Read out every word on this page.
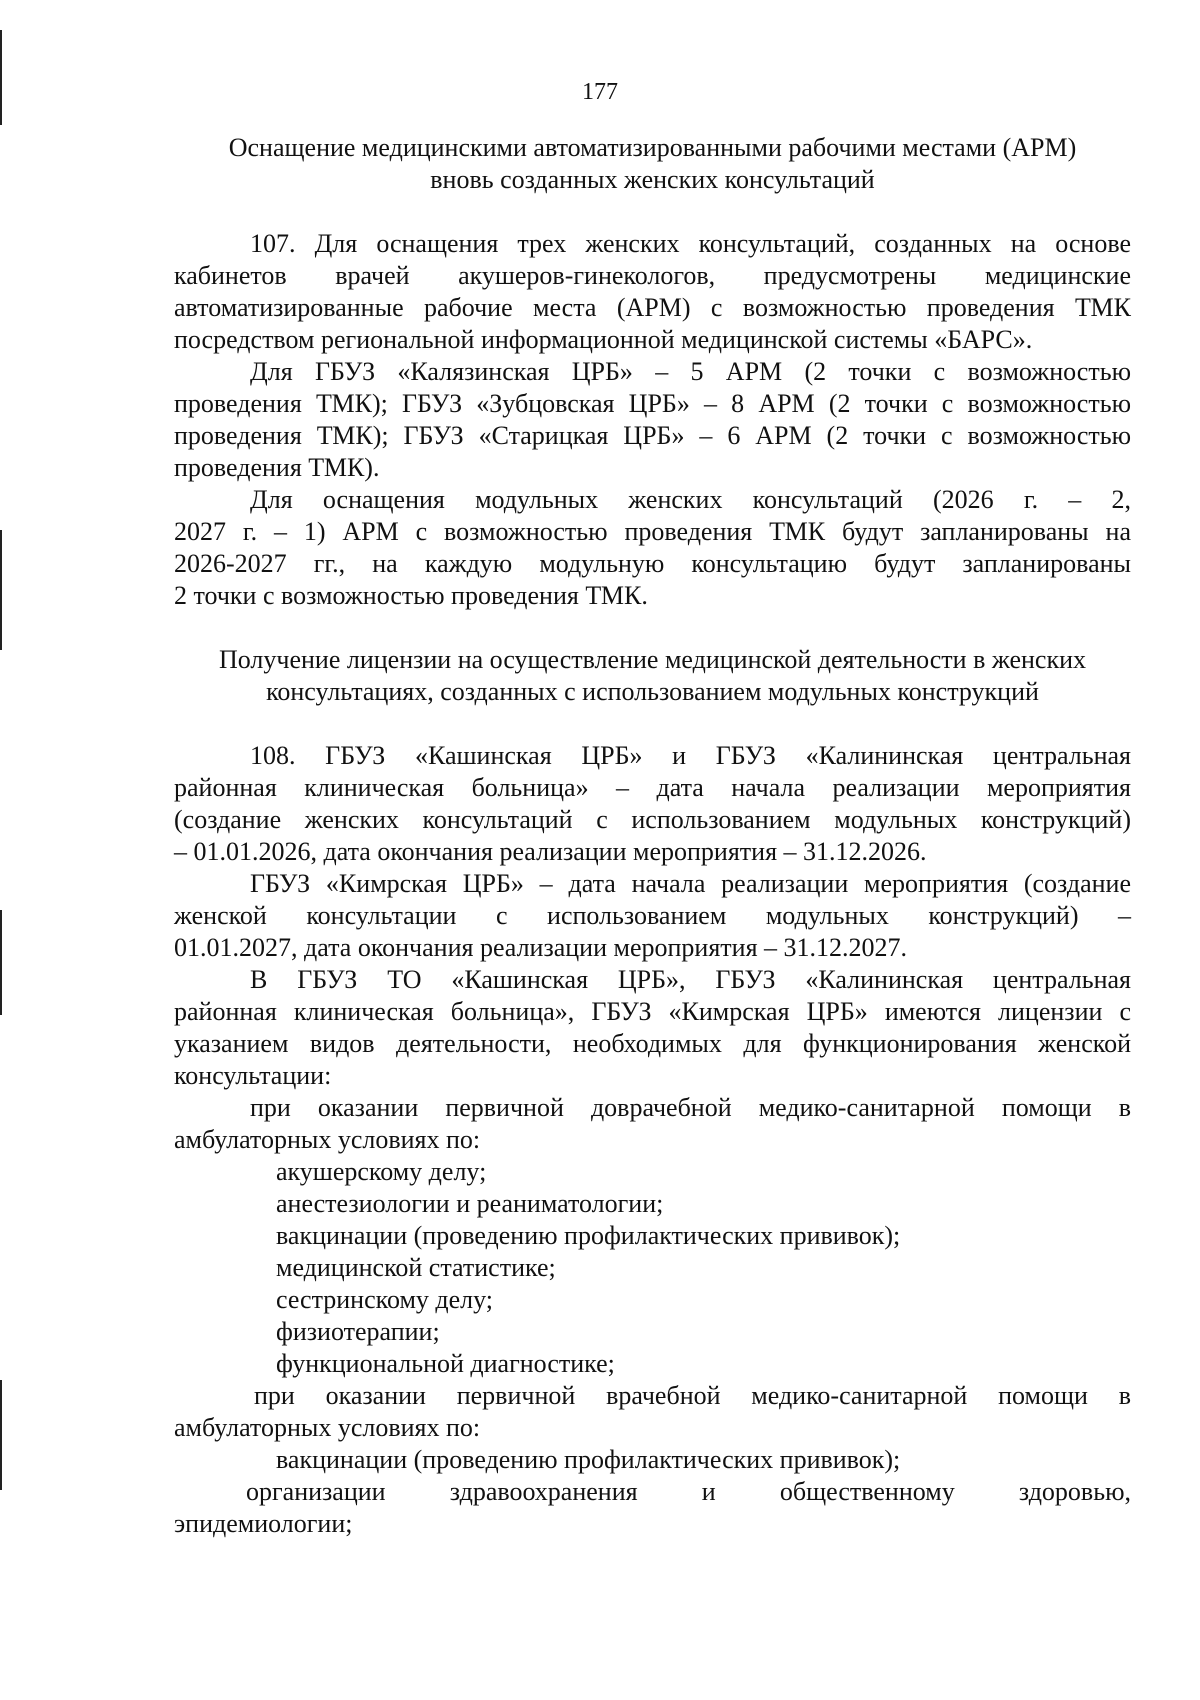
177
Оснащение медицинскими автоматизированными рабочими местами (АРМ)
вновь созданных женских консультаций
107. Для оснащения трех женских консультаций, созданных на основе
кабинетов врачей акушеров-гинекологов, предусмотрены медицинские
автоматизированные рабочие места (АРМ) с возможностью проведения ТМК
посредством региональной информационной медицинской системы «БАРС».
Для ГБУЗ «Калязинская ЦРБ» – 5 АРМ (2 точки с возможностью
проведения ТМК); ГБУЗ «Зубцовская ЦРБ» – 8 АРМ (2 точки с возможностью
проведения ТМК); ГБУЗ «Старицкая ЦРБ» – 6 АРМ (2 точки с возможностью
проведения ТМК).
Для оснащения модульных женских консультаций (2026 г. – 2,
2027 г. – 1) АРМ с возможностью проведения ТМК будут запланированы на
2026-2027 гг., на каждую модульную консультацию будут запланированы
2 точки с возможностью проведения ТМК.
Получение лицензии на осуществление медицинской деятельности в женских
консультациях, созданных с использованием модульных конструкций
108. ГБУЗ «Кашинская ЦРБ» и ГБУЗ «Калининская центральная
районная клиническая больница» – дата начала реализации мероприятия
(создание женских консультаций с использованием модульных конструкций)
– 01.01.2026, дата окончания реализации мероприятия – 31.12.2026.
ГБУЗ «Кимрская ЦРБ» – дата начала реализации мероприятия (создание
женской консультации с использованием модульных конструкций) –
01.01.2027, дата окончания реализации мероприятия – 31.12.2027.
В ГБУЗ ТО «Кашинская ЦРБ», ГБУЗ «Калининская центральная
районная клиническая больница», ГБУЗ «Кимрская ЦРБ» имеются лицензии с
указанием видов деятельности, необходимых для функционирования женской
консультации:
при оказании первичной доврачебной медико-санитарной помощи в
амбулаторных условиях по:

акушерскому делу;

анестезиологии и реаниматологии;

вакцинации (проведению профилактических прививок);

медицинской статистике;

сестринскому делу;

физиотерапии;

функциональной диагностике;

при оказании первичной врачебной медико-санитарной помощи в
амбулаторных условиях по:

вакцинации (проведению профилактических прививок);

организации здравоохранения и общественному здоровью,
эпидемиологии;
